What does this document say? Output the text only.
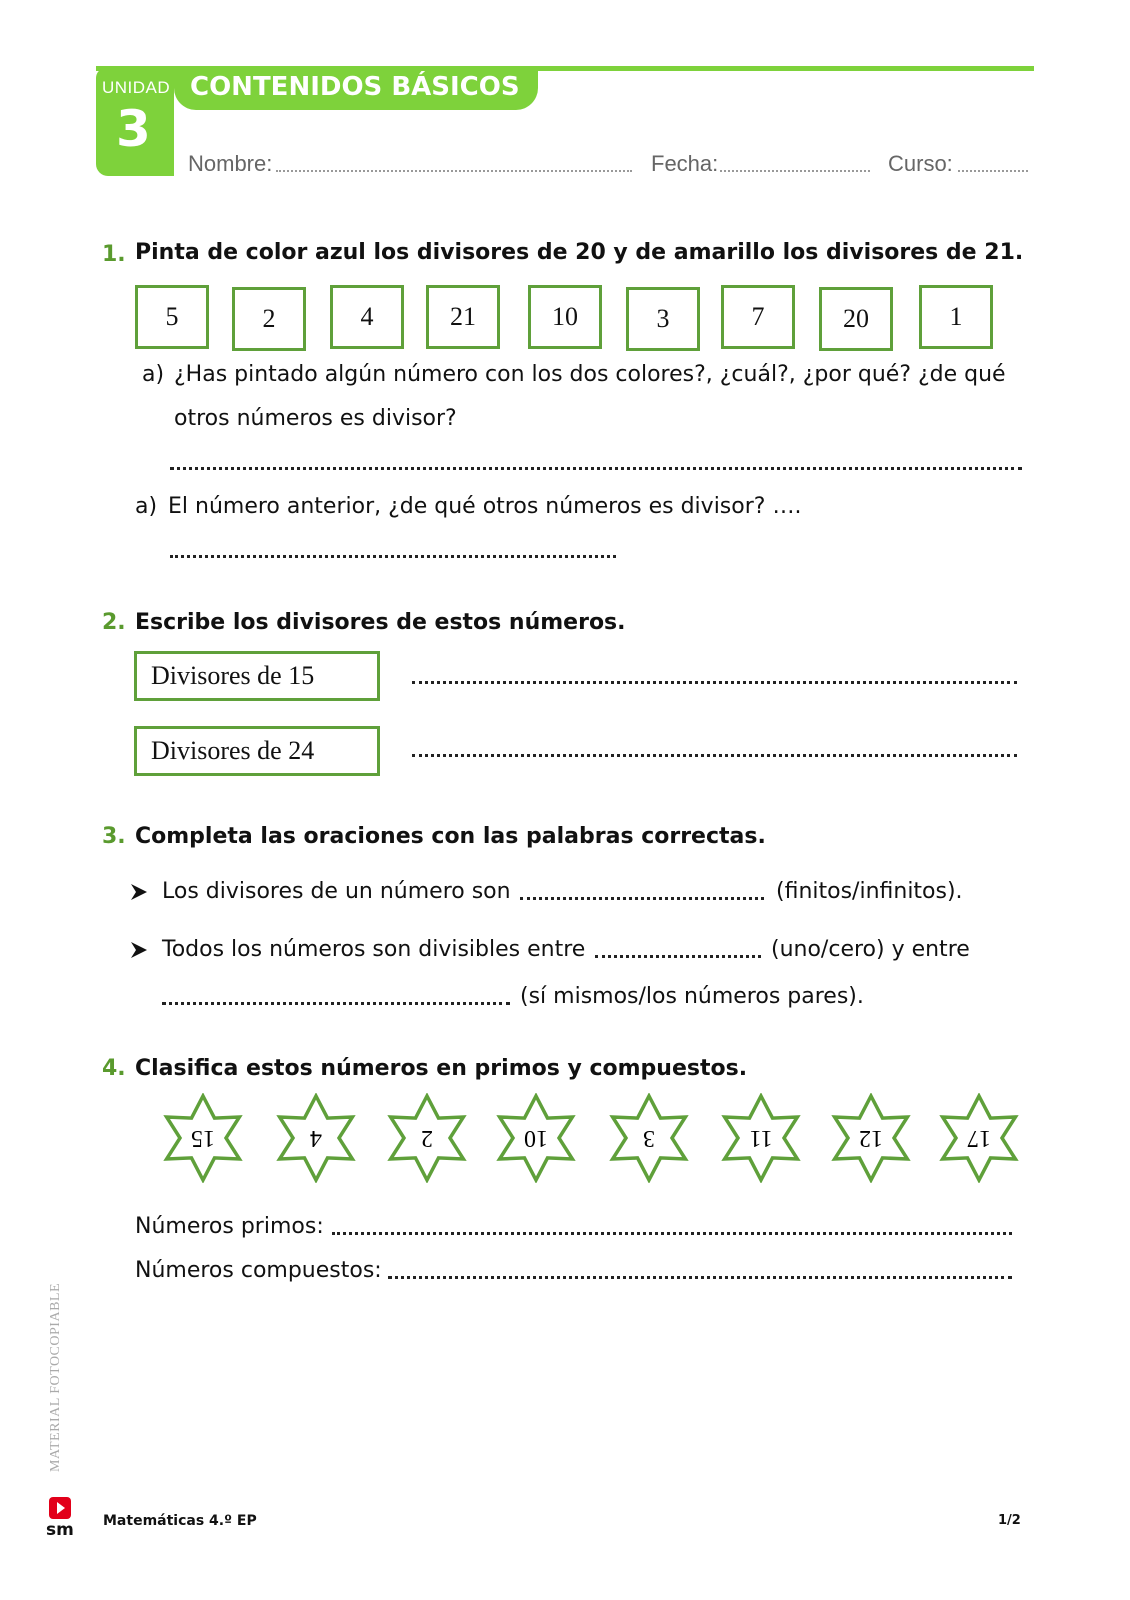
UNIDAD
3
CONTENIDOS BÁSICOS
Nombre:	Fecha:	Curso:
1. Pinta de color azul los divisores de 20 y de amarillo los divisores de 21.
5	2	4	21	10	3	7	20	1
a) ¿Has pintado algún número con los dos colores?, ¿cuál?, ¿por qué? ¿de qué
otros números es divisor?
a) El número anterior, ¿de qué otros números es divisor? ….
2. Escribe los divisores de estos números.
Divisores de 15
Divisores de 24
3. Completa las oraciones con las palabras correctas.
Los divisores de un número son	(finitos/infinitos).
Todos los números son divisibles entre	(uno/cero) y entre
(sí mismos/los números pares).
4. Clasifica estos números en primos y compuestos.
15	4	2	10	3	11	12	17
Números primos:
Números compuestos:
MATERIAL FOTOCOPIABLE
sm Matemáticas 4.º EP	1/2
